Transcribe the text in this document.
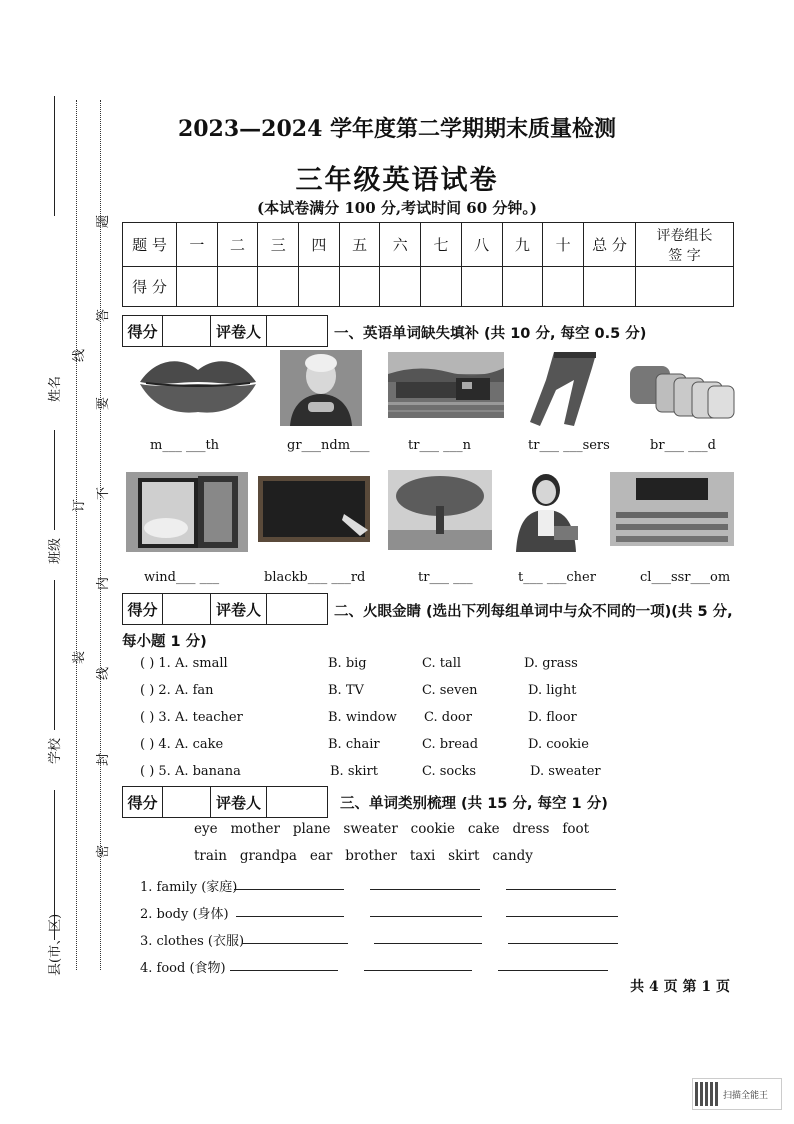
姓名
班级
学校
县(市、区)
线
订
装
题
答
要
不
内
线
封
密
2023—2024 学年度第二学期期末质量检测
三年级英语试卷
(本试卷满分 100 分,考试时间 60 分钟。)
题 号	一	二	三	四	五	六	七	八	九	十	总 分	评卷组长
签 字
得 分												
得分	评卷人	一、英语单词缺失填补 (共 10 分, 每空 0.5 分)
m___ ___th	gr___ndm___	tr___ ___n	tr___ ___sers	br___ ___d
wind___ ___	blackb___ ___rd	tr___ ___	t___ ___cher	cl___ssr___om
得分	评卷人	二、火眼金睛 (选出下列每组单词中与众不同的一项)(共 5 分,
每小题 1 分)
( ) 1. A. small	B. big	C. tall	D. grass
( ) 2. A. fan	B. TV	C. seven	D. light
( ) 3. A. teacher	B. window C. door	D. floor
( ) 4. A. cake	B. chair	C. bread	D. cookie
( ) 5. A. banana	B. skirt	C. socks	D. sweater
得分	评卷人	三、单词类别梳理 (共 15 分, 每空 1 分)
eye   mother   plane   sweater   cookie   cake   dress   foot
train   grandpa   ear   brother   taxi   skirt   candy
1. family (家庭)
2. body (身体)
3. clothes (衣服)
4. food (食物)
共 4 页 第 1 页
扫描全能王
